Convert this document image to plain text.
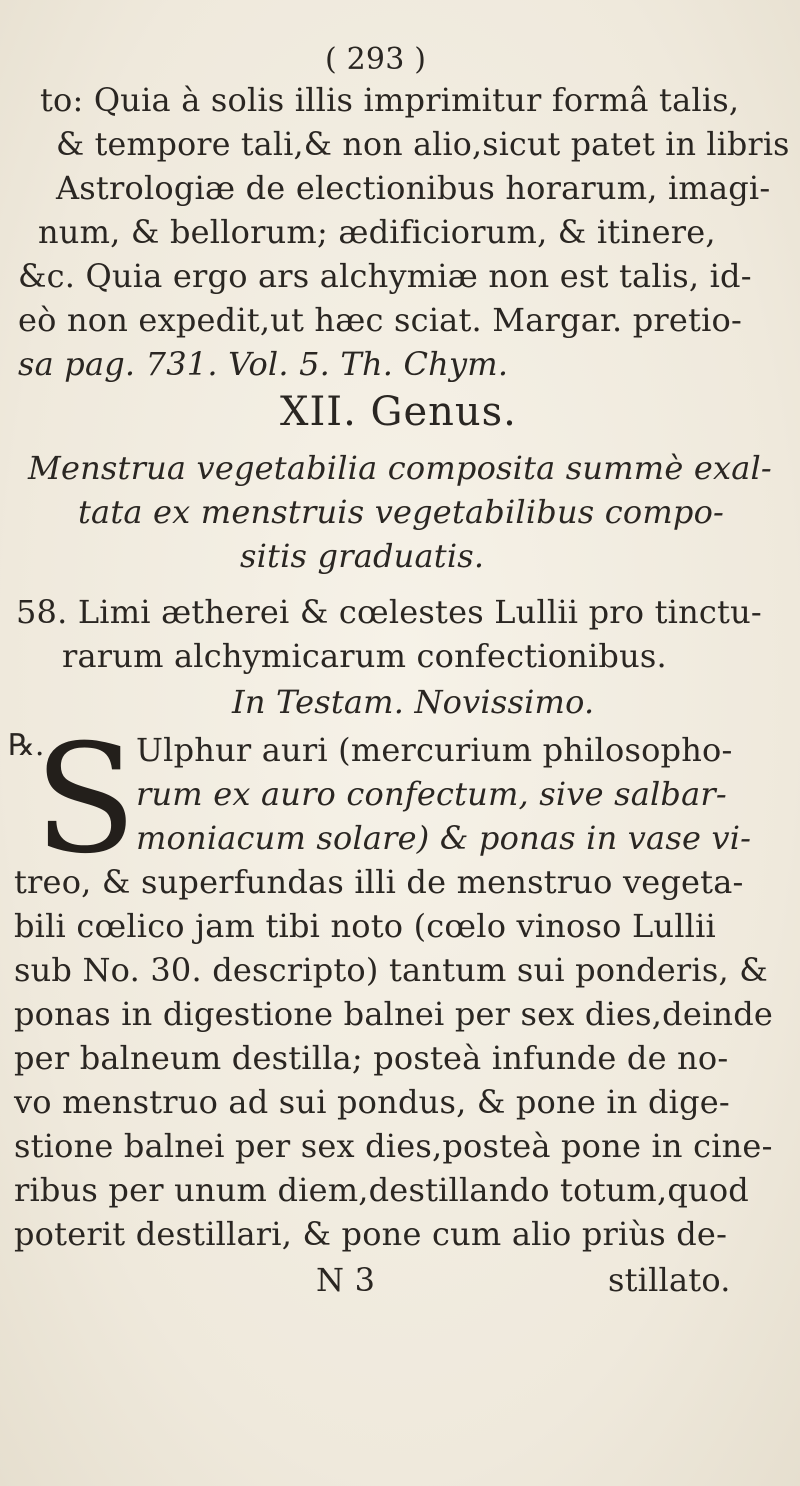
( 293 )
to: Quia à solis illis imprimitur formâ talis,
& tempore tali,& non alio,sicut patet in libris
Astrologiæ de electionibus horarum, imagi-
num, & bellorum; ædificiorum, & itinere,
&c. Quia ergo ars alchymiæ non est talis, id-
eò non expedit,ut hæc sciat. Margar. pretio-
sa pag. 731. Vol. 5. Th. Chym.
XII. Genus.
Menstrua vegetabilia composita summè exal-
tata ex menstruis vegetabilibus compo-
sitis graduatis.
58. Limi ætherei & cœlestes Lullii pro tinctu-
rarum alchymicarum confectionibus.
In Testam. Novissimo.
℞.
S Ulphur auri (mercurium philosopho-
rum ex auro confectum, sive salbar-
moniacum solare) & ponas in vase vi-
treo, & superfundas illi de menstruo vegeta-
bili cœlico jam tibi noto (cœlo vinoso Lullii
sub No. 30. descripto) tantum sui ponderis, &
ponas in digestione balnei per sex dies,deinde
per balneum destilla; posteà infunde de no-
vo menstruo ad sui pondus, & pone in dige-
stione balnei per sex dies,posteà pone in cine-
ribus per unum diem,destillando totum,quod
poterit destillari, & pone cum alio priùs de-
N 3	stillato.
